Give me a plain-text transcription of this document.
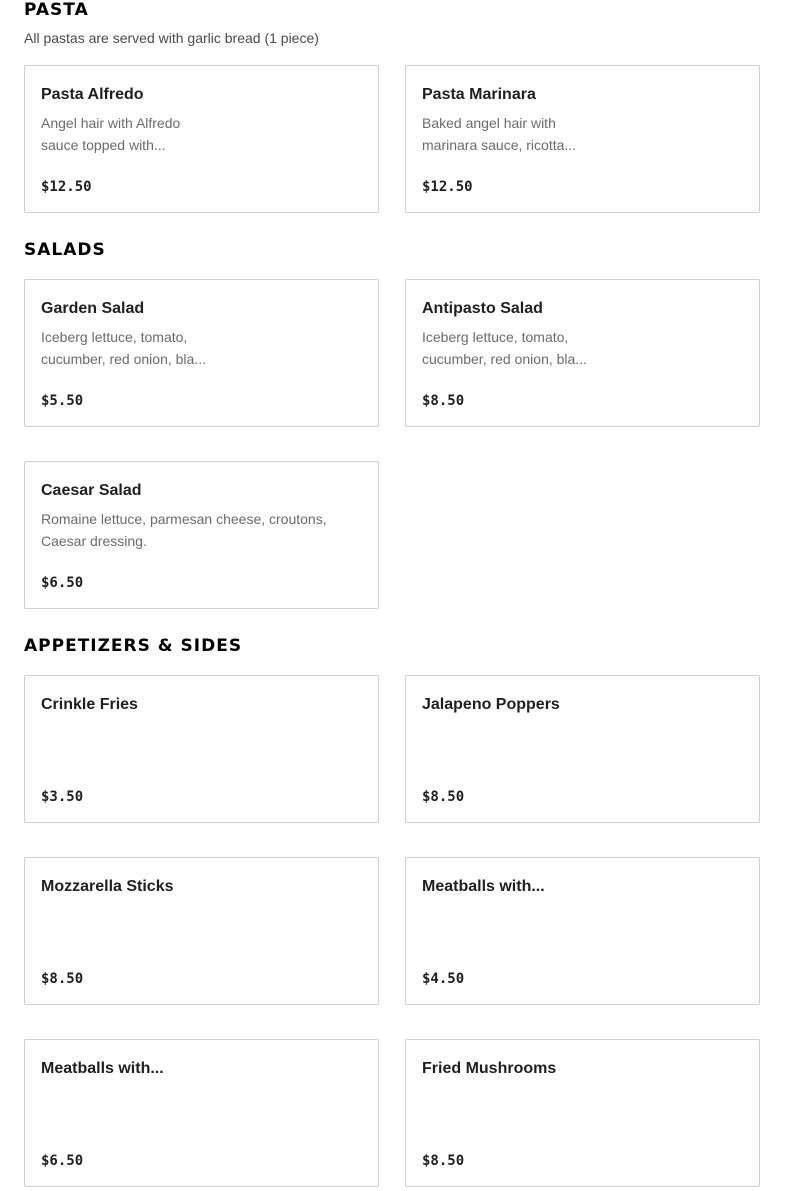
PASTA

All pastas are served with garlic bread (1 piece)

Pasta Alfredo
Angel hair with Alfredo
sauce topped with...
$12.50
Pasta Marinara
Baked angel hair with
marinara sauce, ricotta...
$12.50
SALADS
Garden Salad
Iceberg lettuce, tomato,
cucumber, red onion, bla...
$5.50
Antipasto Salad
Iceberg lettuce, tomato,
cucumber, red onion, bla...
$8.50
Caesar Salad
Romaine lettuce, parmesan cheese, croutons,
Caesar dressing.
$6.50
APPETIZERS & SIDES
Crinkle Fries
$3.50
Jalapeno Poppers
$8.50
Mozzarella Sticks
$8.50
Meatballs with...
$4.50
Meatballs with...
$6.50
Fried Mushrooms
$8.50
